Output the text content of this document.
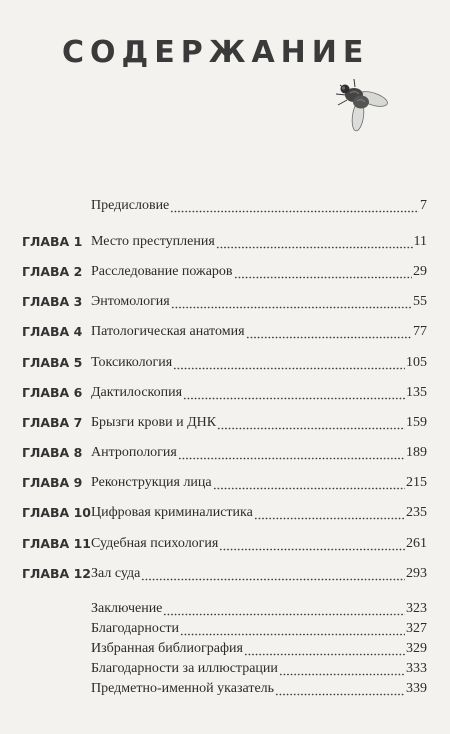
СОДЕРЖАНИЕ
Предисловие	7
ГЛАВА 1 Место преступления	11
ГЛАВА 2 Расследование пожаров	29
ГЛАВА 3 Энтомология	55
ГЛАВА 4 Патологическая анатомия	77
ГЛАВА 5 Токсикология	105
ГЛАВА 6 Дактилоскопия	135
ГЛАВА 7 Брызги крови и ДНК	159
ГЛАВА 8 Антропология	189
ГЛАВА 9 Реконструкция лица	215
ГЛАВА 10 Цифровая криминалистика	235
ГЛАВА 11 Судебная психология	261
ГЛАВА 12 Зал суда	293
Заключение	323
Благодарности	327
Избранная библиография	329
Благодарности за иллюстрации	333
Предметно-именной указатель	339
